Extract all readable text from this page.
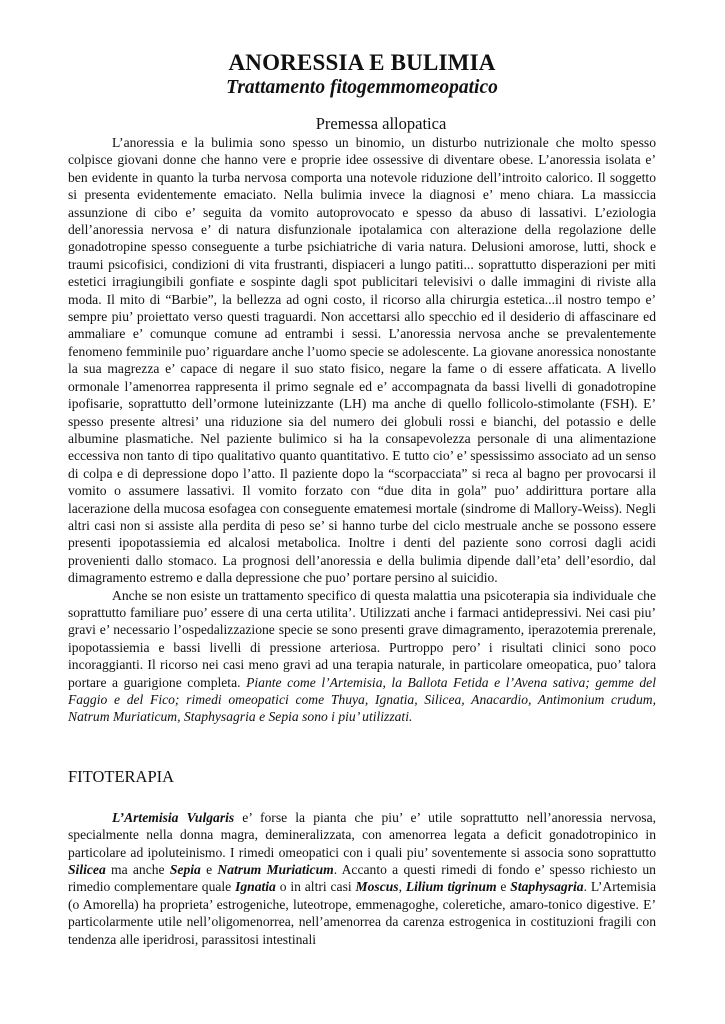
ANORESSIA E BULIMIA
Trattamento fitogemmomeopatico
Premessa allopatica

L’anoressia e la bulimia sono spesso un binomio, un disturbo nutrizionale che molto spesso colpisce giovani donne che hanno vere e proprie idee ossessive di diventare obese. L’anoressia isolata e’ ben evidente in quanto la turba nervosa comporta una notevole riduzione dell’introito calorico. Il soggetto si presenta evidentemente emaciato. Nella bulimia invece la diagnosi e’ meno chiara. La massiccia assunzione di cibo e’ seguita da vomito autoprovocato e spesso da abuso di lassativi. L’eziologia dell’anoressia nervosa e’ di natura disfunzionale ipotalamica con alterazione della regolazione delle gonadotropine spesso conseguente a turbe psichiatriche di varia natura. Delusioni amorose, lutti, shock e traumi psicofisici, condizioni di vita frustranti, dispiaceri a lungo patiti... soprattutto disperazioni per miti estetici irragiungibili gonfiate e sospinte dagli spot publicitari televisivi o dalle immagini di riviste alla moda. Il mito di “Barbie”, la bellezza ad ogni costo, il ricorso alla chirurgia estetica...il nostro tempo e’ sempre piu’ proiettato verso questi traguardi. Non accettarsi allo specchio ed il desiderio di affascinare ed ammaliare e’ comunque comune ad entrambi i sessi. L’anoressia nervosa anche se prevalentemente fenomeno femminile puo’ riguardare anche l’uomo specie se adolescente. La giovane anoressica nonostante la sua magrezza e’ capace di negare il suo stato fisico, negare la fame o di essere affaticata. A livello ormonale l’amenorrea rappresenta il primo segnale ed e’ accompagnata da bassi livelli di gonadotropine ipofisarie, soprattutto dell’ormone luteinizzante (LH) ma anche di quello follicolo-stimolante (FSH). E’ spesso presente altresi’ una riduzione sia del numero dei globuli rossi e bianchi, del potassio e delle albumine plasmatiche. Nel paziente bulimico si ha la consapevolezza personale di una alimentazione eccessiva non tanto di tipo qualitativo quanto quantitativo. E tutto cio’ e’ spessissimo associato ad un senso di colpa e di depressione dopo l’atto. Il paziente dopo la “scorpacciata” si reca al bagno per provocarsi il vomito o assumere lassativi. Il vomito forzato con “due dita in gola” puo’ addirittura portare alla lacerazione della mucosa esofagea con conseguente ematemesi mortale (sindrome di Mallory-Weiss). Negli altri casi non si assiste alla perdita di peso se’ si hanno turbe del ciclo mestruale anche se possono essere presenti ipopotassiemia ed alcalosi metabolica. Inoltre i denti del paziente sono corrosi dagli acidi provenienti dallo stomaco. La prognosi dell’anoressia e della bulimia dipende dall’eta’ dell’esordio, dal dimagramento estremo e dalla depressione che puo’ portare persino al suicidio.

Anche se non esiste un trattamento specifico di questa malattia una psicoterapia sia individuale che soprattutto familiare puo’ essere di una certa utilita’. Utilizzati anche i farmaci antidepressivi. Nei casi piu’ gravi e’ necessario l’ospedalizzazione specie se sono presenti grave dimagramento, iperazotemia prerenale, ipopotassiemia e bassi livelli di pressione arteriosa. Purtroppo pero’ i risultati clinici sono poco incoraggianti. Il ricorso nei casi meno gravi ad una terapia naturale, in particolare omeopatica, puo’ talora portare a guarigione completa. Piante come l’Artemisia, la Ballota Fetida e l’Avena sativa; gemme del Faggio e del Fico; rimedi omeopatici come Thuya, Ignatia, Silicea, Anacardio, Antimonium crudum, Natrum Muriaticum, Staphysagria e Sepia sono i piu’ utilizzati.

FITOTERAPIA

L’Artemisia Vulgaris e’ forse la pianta che piu’ e’ utile soprattutto nell’anoressia nervosa, specialmente nella donna magra, demineralizzata, con amenorrea legata a deficit gonadotropinico in particolare ad ipoluteinismo. I rimedi omeopatici con i quali piu’ soventemente si associa sono soprattutto Silicea ma anche Sepia e Natrum Muriaticum. Accanto a questi rimedi di fondo e’ spesso richiesto un rimedio complementare quale Ignatia o in altri casi Moscus, Lilium tigrinum e Staphysagria. L’Artemisia (o Amorella) ha proprieta’ estrogeniche, luteotrope, emmenagoghe, coleretiche, amaro-tonico digestive. E’ particolarmente utile nell’oligomenorrea, nell’amenorrea da carenza estrogenica in costituzioni fragili con tendenza alle iperidrosi, parassitosi intestinali
